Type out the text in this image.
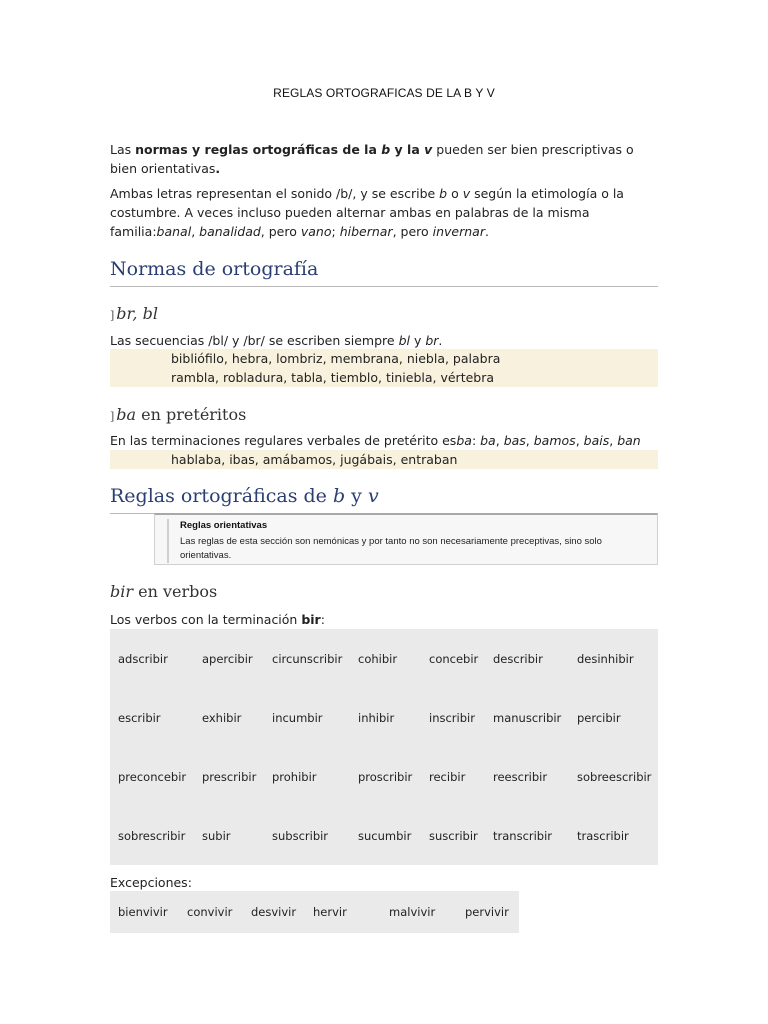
REGLAS ORTOGRAFICAS DE LA B Y V
Las normas y reglas ortográficas de la b y la v pueden ser bien prescriptivas o bien orientativas.
Ambas letras representan el sonido /b/, y se escribe b o v según la etimología o la costumbre. A veces incluso pueden alternar ambas en palabras de la misma familia:banal, banalidad, pero vano; hibernar, pero invernar.
Normas de ortografía
] br, bl
Las secuencias /bl/ y /br/ se escriben siempre bl y br.
bibliófilo, hebra, lombriz, membrana, niebla, palabra
rambla, robladura, tabla, tiemblo, tiniebla, vértebra
] ba en pretéritos
En las terminaciones regulares verbales de pretérito esba: ba, bas, bamos, bais, ban
hablaba, ibas, amábamos, jugábais, entraban
Reglas ortográficas de b y v
Reglas orientativas
Las reglas de esta sección son nemónicas y por tanto no son necesariamente preceptivas, sino solo orientativas.
bir en verbos
Los verbos con la terminación bir:
adscribir	apercibir	circunscribir	cohibir	concebir	describir	desinhibir
escribir	exhibir	incumbir	inhibir	inscribir	manuscribir	percibir
preconcebir	prescribir	prohibir	proscribir	recibir	reescribir	sobreescribir
sobrescribir	subir	subscribir	sucumbir	suscribir	transcribir	trascribir
Excepciones:
bienvivir	convivir	desvivir	hervir	malvivir	pervivir
